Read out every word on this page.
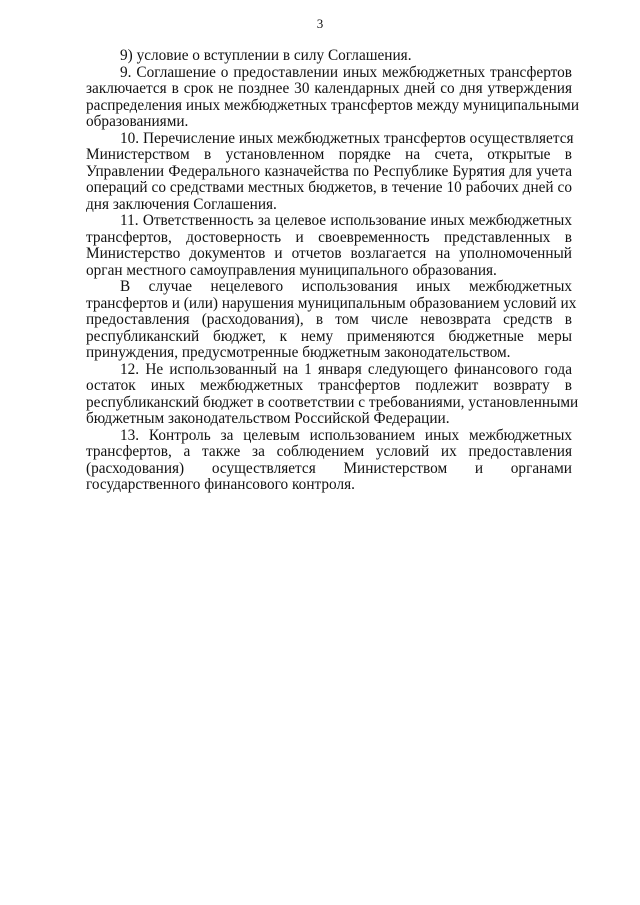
3
9) условие о вступлении в силу Соглашения.
9. Соглашение о предоставлении иных межбюджетных трансфертов
заключается в срок не позднее 30 календарных дней со дня утверждения
распределения иных межбюджетных трансфертов между муниципальными
образованиями.
10. Перечисление иных межбюджетных трансфертов осуществляется
Министерством в установленном порядке на счета, открытые в
Управлении Федерального казначейства по Республике Бурятия для учета
операций со средствами местных бюджетов, в течение 10 рабочих дней со
дня заключения Соглашения.
11. Ответственность за целевое использование иных межбюджетных
трансфертов, достоверность и своевременность представленных в
Министерство документов и отчетов возлагается на уполномоченный
орган местного самоуправления муниципального образования.
В случае нецелевого использования иных межбюджетных
трансфертов и (или) нарушения муниципальным образованием условий их
предоставления (расходования), в том числе невозврата средств в
республиканский бюджет, к нему применяются бюджетные меры
принуждения, предусмотренные бюджетным законодательством.
12. Не использованный на 1 января следующего финансового года
остаток иных межбюджетных трансфертов подлежит возврату в
республиканский бюджет в соответствии с требованиями, установленными
бюджетным законодательством Российской Федерации.
13. Контроль за целевым использованием иных межбюджетных
трансфертов, а также за соблюдением условий их предоставления
(расходования) осуществляется Министерством и органами
государственного финансового контроля.
